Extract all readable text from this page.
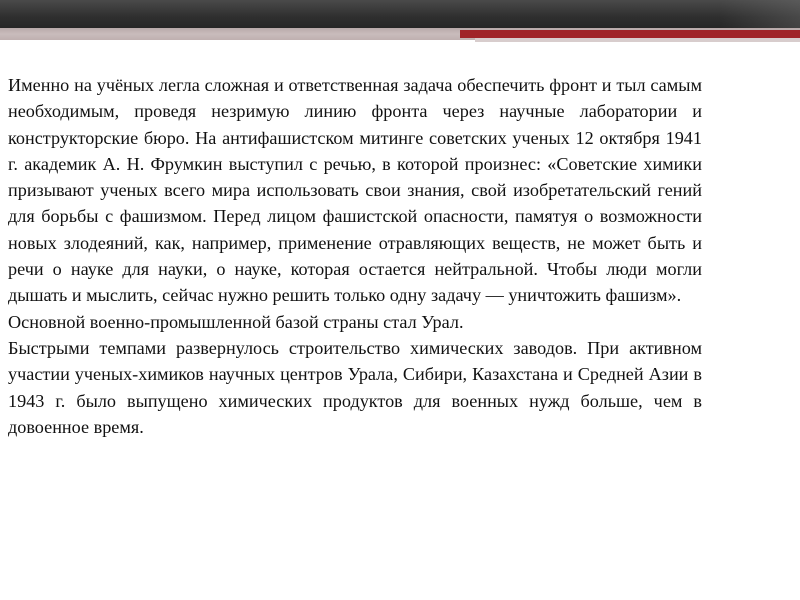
Именно на учёных легла сложная и ответственная задача обеспечить фронт и тыл самым необходимым, проведя незримую линию фронта через научные лаборатории и конструкторские бюро. На антифашистском митинге советских ученых 12 октября 1941 г. академик А. Н. Фрумкин выступил с речью, в которой произнес: «Советские химики призывают ученых всего мира использовать свои знания, свой изобретательский гений для борьбы с фашизмом. Перед лицом фашистской опасности, памятуя о возможности новых злодеяний, как, например, применение отравляющих веществ, не может быть и речи о науке для науки, о науке, которая остается нейтральной. Чтобы люди могли дышать и мыслить, сейчас нужно решить только одну задачу — уничтожить фашизм».

Основной военно-промышленной базой страны стал Урал.

Быстрыми темпами развернулось строительство химических заводов. При активном участии ученых-химиков научных центров Урала, Сибири, Казахстана и Средней Азии в 1943 г. было выпущено химических продуктов для военных нужд больше, чем в довоенное время.
